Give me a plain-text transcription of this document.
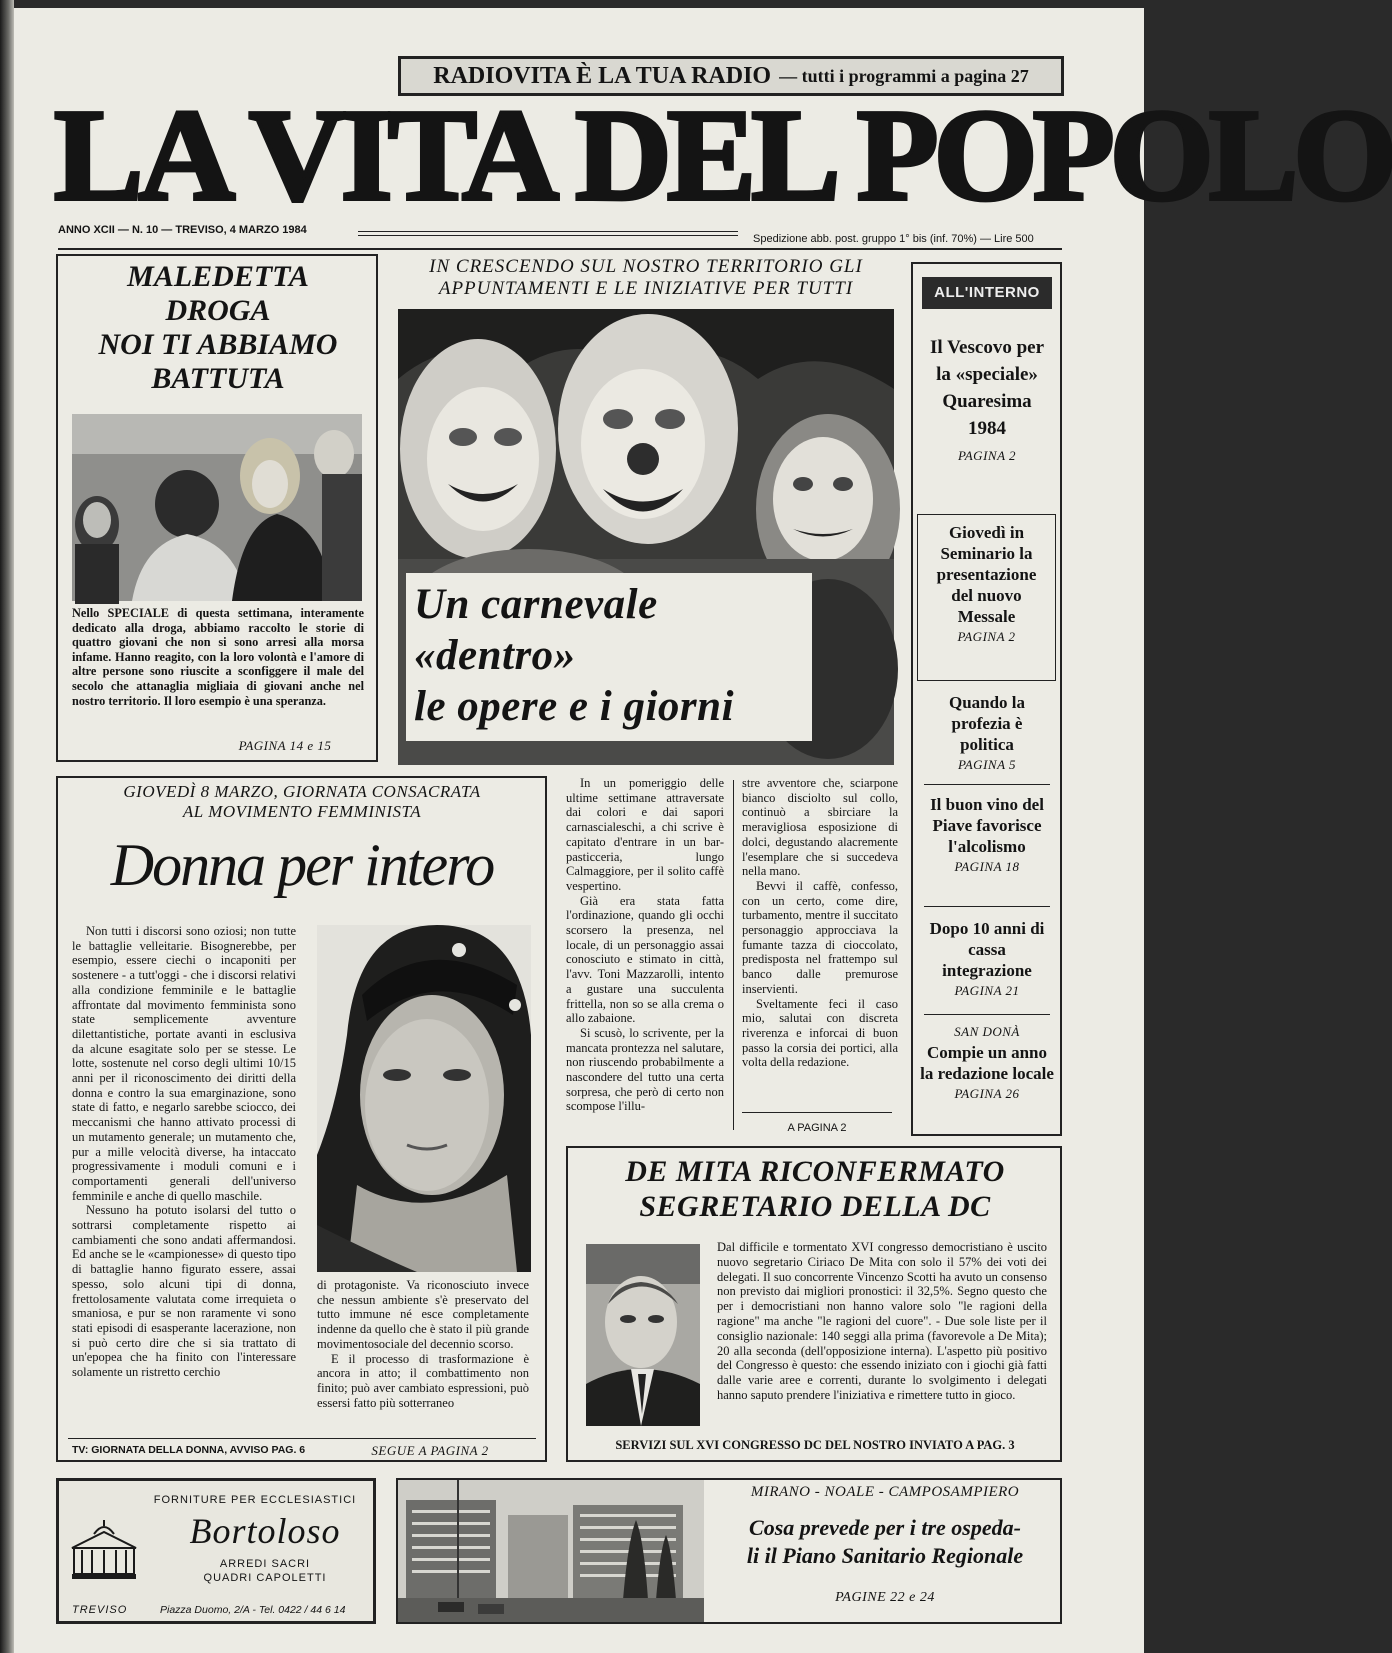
RADIOVITA È LA TUA RADIO — tutti i programmi a pagina 27
LA VITA DEL POPOLO
ANNO XCII — N. 10 — TREVISO, 4 MARZO 1984
Spedizione abb. post. gruppo 1° bis (inf. 70%) — Lire 500
MALEDETTA
DROGA
NOI TI ABBIAMO
BATTUTA
Nello SPECIALE di questa settimana, interamente dedicato alla droga, abbiamo raccolto le storie di quattro giovani che non si sono arresi alla morsa infame. Hanno reagito, con la loro volontà e l'amore di altre persone sono riuscite a sconfiggere il male del secolo che attanaglia migliaia di giovani anche nel nostro territorio. Il loro esempio è una speranza.
PAGINA 14 e 15
IN CRESCENDO SUL NOSTRO TERRITORIO GLI APPUNTAMENTI E LE INIZIATIVE PER TUTTI
Un carnevale
«dentro»
le opere e i giorni
ALL'INTERNO
Il Vescovo per la «speciale» Quaresima 1984
PAGINA 2
Giovedì in Seminario la presentazione del nuovo Messale
PAGINA 2
Quando la profezia è politica
PAGINA 5
Il buon vino del Piave favorisce l'alcolismo
PAGINA 18
Dopo 10 anni di cassa integrazione
PAGINA 21
SAN DONÀ
Compie un anno la redazione locale
PAGINA 26
GIOVEDÌ 8 MARZO, GIORNATA CONSACRATA
AL MOVIMENTO FEMMINISTA
Donna per intero

Non tutti i discorsi sono oziosi; non tutte le battaglie velleitarie. Bisognerebbe, per esempio, essere ciechi o incaponiti per sostenere - a tutt'oggi - che i discorsi relativi alla condizione femminile e le battaglie affrontate dal movimento femminista sono state semplicemente avventure dilettantistiche, portate avanti in esclusiva da alcune esagitate solo per se stesse. Le lotte, sostenute nel corso degli ultimi 10/15 anni per il riconoscimento dei diritti della donna e contro la sua emarginazione, sono state di fatto, e negarlo sarebbe sciocco, dei meccanismi che hanno attivato processi di un mutamento generale; un mutamento che, pur a mille velocità diverse, ha intaccato progressivamente i moduli comuni e i comportamenti generali dell'universo femminile e anche di quello maschile.

Nessuno ha potuto isolarsi del tutto o sottrarsi completamente rispetto ai cambiamenti che sono andati affermandosi. Ed anche se le «campionesse» di questo tipo di battaglie hanno figurato essere, assai spesso, solo alcuni tipi di donna, frettolosamente valutata come irrequieta o smaniosa, e pur se non raramente vi sono stati episodi di esasperante lacerazione, non si può certo dire che si sia trattato di un'epopea che ha finito con l'interessare solamente un ristretto cerchio

di protagoniste. Va riconosciuto invece che nessun ambiente s'è preservato del tutto immune né esce completamente indenne da quello che è stato il più grande movimentosociale del decennio scorso.

E il processo di trasformazione è ancora in atto; il combattimento non finito; può aver cambiato espressioni, può essersi fatto più sotterraneo

TV: GIORNATA DELLA DONNA, AVVISO PAG. 6	SEGUE A PAGINA 2

In un pomeriggio delle ultime settimane attraversate dai colori e dai sapori carnascialeschi, a chi scrive è capitato d'entrare in un bar-pasticceria, lungo Calmaggiore, per il solito caffè vespertino.

Già era stata fatta l'ordinazione, quando gli occhi scorsero la presenza, nel locale, di un personaggio assai conosciuto e stimato in città, l'avv. Toni Mazzarolli, intento a gustare una succulenta frittella, non so se alla crema o allo zabaione.

Si scusò, lo scrivente, per la mancata prontezza nel salutare, non riuscendo probabilmente a nascondere del tutto una certa sorpresa, che però di certo non scompose l'illu-

stre avventore che, sciarpone bianco disciolto sul collo, continuò a sbirciare la meravigliosa esposizione di dolci, degustando alacremente l'esemplare che si succedeva nella mano.

Bevvi il caffè, confesso, con un certo, come dire, turbamento, mentre il succitato personaggio approcciava la fumante tazza di cioccolato, predisposta nel frattempo sul banco dalle premurose inservienti.

Sveltamente feci il caso mio, salutai con discreta riverenza e inforcai di buon passo la corsia dei portici, alla volta della redazione.

A PAGINA 2
DE MITA RICONFERMATO
SEGRETARIO DELLA DC
Dal difficile e tormentato XVI congresso democristiano è uscito nuovo segretario Ciriaco De Mita con solo il 57% dei voti dei delegati. Il suo concorrente Vincenzo Scotti ha avuto un consenso non previsto dai migliori pronostici: il 32,5%. Segno questo che per i democristiani non hanno valore solo "le ragioni della ragione" ma anche "le ragioni del cuore". - Due sole liste per il consiglio nazionale: 140 seggi alla prima (favorevole a De Mita); 20 alla seconda (dell'opposizione interna). L'aspetto più positivo del Congresso è questo: che essendo iniziato con i giochi già fatti dalle varie aree e correnti, durante lo svolgimento i delegati hanno saputo prendere l'iniziativa e rimettere tutto in gioco.
SERVIZI SUL XVI CONGRESSO DC DEL NOSTRO INVIATO A PAG. 3
FORNITURE PER ECCLESIASTICI
Bortoloso
ARREDI SACRI
QUADRI CAPOLETTI
TREVISO	Piazza Duomo, 2/A - Tel. 0422 / 44 6 14
MIRANO - NOALE - CAMPOSAMPIERO
Cosa prevede per i tre ospeda-
li il Piano Sanitario Regionale
PAGINE 22 e 24
